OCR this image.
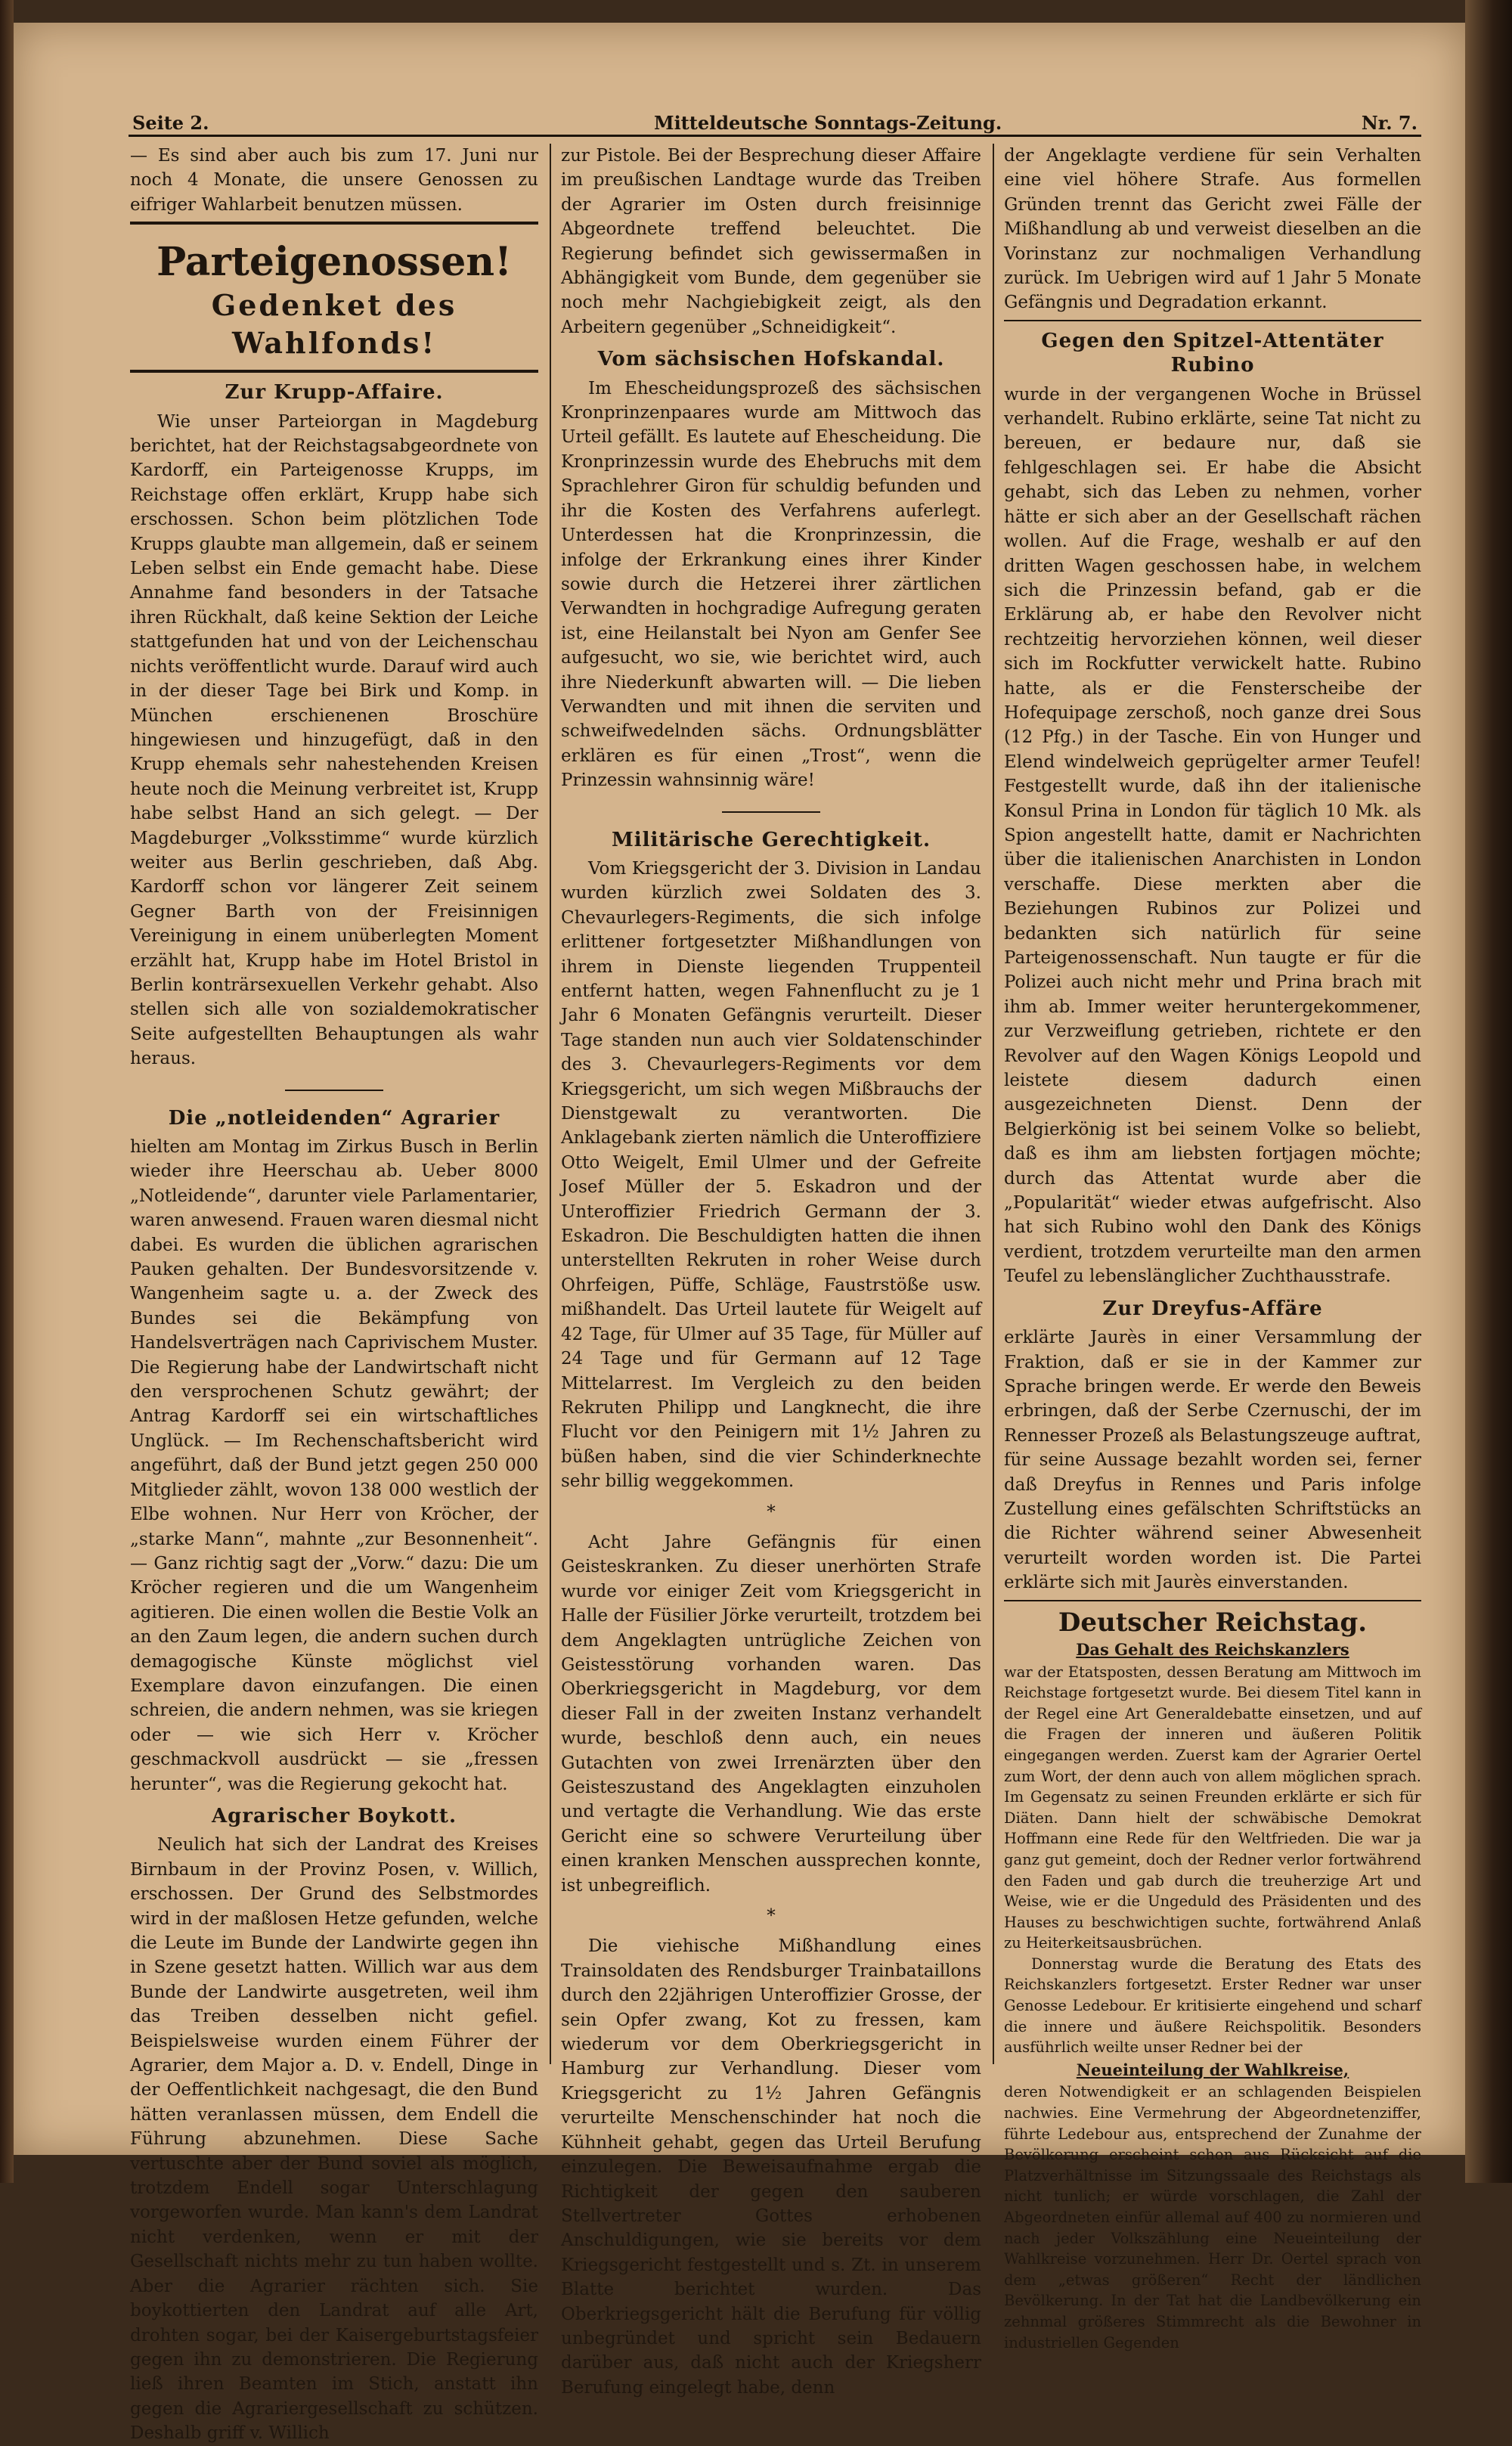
Seite 2.	Mitteldeutsche Sonntags-Zeitung.	Nr. 7.

— Es sind aber auch bis zum 17. Juni nur noch 4 Monate, die unsere Genossen zu eifriger Wahlarbeit benutzen müssen.

Parteigenossen!
Gedenket des Wahlfonds!
Zur Krupp-Affaire.

Wie unser Parteiorgan in Magdeburg berichtet, hat der Reichstagsabgeordnete von Kardorff, ein Parteigenosse Krupps, im Reichstage offen erklärt, Krupp habe sich erschossen. Schon beim plötzlichen Tode Krupps glaubte man allgemein, daß er seinem Leben selbst ein Ende gemacht habe. Diese Annahme fand besonders in der Tatsache ihren Rückhalt, daß keine Sektion der Leiche stattgefunden hat und von der Leichenschau nichts veröffentlicht wurde. Darauf wird auch in der dieser Tage bei Birk und Komp. in München erschienenen Broschüre hingewiesen und hinzugefügt, daß in den Krupp ehemals sehr nahestehenden Kreisen heute noch die Meinung verbreitet ist, Krupp habe selbst Hand an sich gelegt. — Der Magdeburger „Volksstimme“ wurde kürzlich weiter aus Berlin geschrieben, daß Abg. Kardorff schon vor längerer Zeit seinem Gegner Barth von der Freisinnigen Vereinigung in einem unüberlegten Moment erzählt hat, Krupp habe im Hotel Bristol in Berlin konträrsexuellen Verkehr gehabt. Also stellen sich alle von sozialdemokratischer Seite aufgestellten Behauptungen als wahr heraus.

Die „notleidenden“ Agrarier

hielten am Montag im Zirkus Busch in Berlin wieder ihre Heerschau ab. Ueber 8000 „Notleidende“, darunter viele Parlamentarier, waren anwesend. Frauen waren diesmal nicht dabei. Es wurden die üblichen agrarischen Pauken gehalten. Der Bundesvorsitzende v. Wangenheim sagte u. a. der Zweck des Bundes sei die Bekämpfung von Handelsverträgen nach Caprivischem Muster. Die Regierung habe der Landwirtschaft nicht den versprochenen Schutz gewährt; der Antrag Kardorff sei ein wirtschaftliches Unglück. — Im Rechenschaftsbericht wird angeführt, daß der Bund jetzt gegen 250 000 Mitglieder zählt, wovon 138 000 westlich der Elbe wohnen. Nur Herr von Kröcher, der „starke Mann“, mahnte „zur Besonnenheit“. — Ganz richtig sagt der „Vorw.“ dazu: Die um Kröcher regieren und die um Wangenheim agitieren. Die einen wollen die Bestie Volk an an den Zaum legen, die andern suchen durch demagogische Künste möglichst viel Exemplare davon einzufangen. Die einen schreien, die andern nehmen, was sie kriegen oder — wie sich Herr v. Kröcher geschmackvoll ausdrückt — sie „fressen herunter“, was die Regierung gekocht hat.

Agrarischer Boykott.

Neulich hat sich der Landrat des Kreises Birnbaum in der Provinz Posen, v. Willich, erschossen. Der Grund des Selbstmordes wird in der maßlosen Hetze gefunden, welche die Leute im Bunde der Landwirte gegen ihn in Szene gesetzt hatten. Willich war aus dem Bunde der Landwirte ausgetreten, weil ihm das Treiben desselben nicht gefiel. Beispielsweise wurden einem Führer der Agrarier, dem Major a. D. v. Endell, Dinge in der Oeffentlichkeit nachgesagt, die den Bund hätten veranlassen müssen, dem Endell die Führung abzunehmen. Diese Sache vertuschte aber der Bund soviel als möglich, trotzdem Endell sogar Unterschlagung vorgeworfen wurde. Man kann's dem Landrat nicht verdenken, wenn er mit der Gesellschaft nichts mehr zu tun haben wollte. Aber die Agrarier rächten sich. Sie boykottierten den Landrat auf alle Art, drohten sogar, bei der Kaisergeburtstagsfeier gegen ihn zu demonstrieren. Die Regierung ließ ihren Beamten im Stich, anstatt ihn gegen die Agrariergesellschaft zu schützen. Deshalb griff v. Willich

zur Pistole. Bei der Besprechung dieser Affaire im preußischen Landtage wurde das Treiben der Agrarier im Osten durch freisinnige Abgeordnete treffend beleuchtet. Die Regierung befindet sich gewissermaßen in Abhängigkeit vom Bunde, dem gegenüber sie noch mehr Nachgiebigkeit zeigt, als den Arbeitern gegenüber „Schneidigkeit“.

Vom sächsischen Hofskandal.

Im Ehescheidungsprozeß des sächsischen Kronprinzenpaares wurde am Mittwoch das Urteil gefällt. Es lautete auf Ehescheidung. Die Kronprinzessin wurde des Ehebruchs mit dem Sprachlehrer Giron für schuldig befunden und ihr die Kosten des Verfahrens auferlegt. Unterdessen hat die Kronprinzessin, die infolge der Erkrankung eines ihrer Kinder sowie durch die Hetzerei ihrer zärtlichen Verwandten in hochgradige Aufregung geraten ist, eine Heilanstalt bei Nyon am Genfer See aufgesucht, wo sie, wie berichtet wird, auch ihre Niederkunft abwarten will. — Die lieben Verwandten und mit ihnen die serviten und schweifwedelnden sächs. Ordnungsblätter erklären es für einen „Trost“, wenn die Prinzessin wahnsinnig wäre!

Militärische Gerechtigkeit.

Vom Kriegsgericht der 3. Division in Landau wurden kürzlich zwei Soldaten des 3. Chevaurlegers-Regiments, die sich infolge erlittener fortgesetzter Mißhandlungen von ihrem in Dienste liegenden Truppenteil entfernt hatten, wegen Fahnenflucht zu je 1 Jahr 6 Monaten Gefängnis verurteilt. Dieser Tage standen nun auch vier Soldatenschinder des 3. Chevaurlegers-Regiments vor dem Kriegsgericht, um sich wegen Mißbrauchs der Dienstgewalt zu verantworten. Die Anklagebank zierten nämlich die Unteroffiziere Otto Weigelt, Emil Ulmer und der Gefreite Josef Müller der 5. Eskadron und der Unteroffizier Friedrich Germann der 3. Eskadron. Die Beschuldigten hatten die ihnen unterstellten Rekruten in roher Weise durch Ohrfeigen, Püffe, Schläge, Faustrstöße usw. mißhandelt. Das Urteil lautete für Weigelt auf 42 Tage, für Ulmer auf 35 Tage, für Müller auf 24 Tage und für Germann auf 12 Tage Mittelarrest. Im Vergleich zu den beiden Rekruten Philipp und Langknecht, die ihre Flucht vor den Peinigern mit 1½ Jahren zu büßen haben, sind die vier Schinderknechte sehr billig weggekommen.

*

Acht Jahre Gefängnis für einen Geisteskranken. Zu dieser unerhörten Strafe wurde vor einiger Zeit vom Kriegsgericht in Halle der Füsilier Jörke verurteilt, trotzdem bei dem Angeklagten untrügliche Zeichen von Geistesstörung vorhanden waren. Das Oberkriegsgericht in Magdeburg, vor dem dieser Fall in der zweiten Instanz verhandelt wurde, beschloß denn auch, ein neues Gutachten von zwei Irrenärzten über den Geisteszustand des Angeklagten einzuholen und vertagte die Verhandlung. Wie das erste Gericht eine so schwere Verurteilung über einen kranken Menschen aussprechen konnte, ist unbegreiflich.

*

Die viehische Mißhandlung eines Trainsoldaten des Rendsburger Trainbataillons durch den 22jährigen Unteroffizier Grosse, der sein Opfer zwang, Kot zu fressen, kam wiederum vor dem Oberkriegsgericht in Hamburg zur Verhandlung. Dieser vom Kriegsgericht zu 1½ Jahren Gefängnis verurteilte Menschenschinder hat noch die Kühnheit gehabt, gegen das Urteil Berufung einzulegen. Die Beweisaufnahme ergab die Richtigkeit der gegen den sauberen Stellvertreter Gottes erhobenen Anschuldigungen, wie sie bereits vor dem Kriegsgericht festgestellt und s. Zt. in unserem Blatte berichtet wurden. Das Oberkriegsgericht hält die Berufung für völlig unbegründet und spricht sein Bedauern darüber aus, daß nicht auch der Kriegsherr Berufung eingelegt habe, denn

der Angeklagte verdiene für sein Verhalten eine viel höhere Strafe. Aus formellen Gründen trennt das Gericht zwei Fälle der Mißhandlung ab und verweist dieselben an die Vorinstanz zur nochmaligen Verhandlung zurück. Im Uebrigen wird auf 1 Jahr 5 Monate Gefängnis und Degradation erkannt.

Gegen den Spitzel-Attentäter Rubino

wurde in der vergangenen Woche in Brüssel verhandelt. Rubino erklärte, seine Tat nicht zu bereuen, er bedaure nur, daß sie fehlgeschlagen sei. Er habe die Absicht gehabt, sich das Leben zu nehmen, vorher hätte er sich aber an der Gesellschaft rächen wollen. Auf die Frage, weshalb er auf den dritten Wagen geschossen habe, in welchem sich die Prinzessin befand, gab er die Erklärung ab, er habe den Revolver nicht rechtzeitig hervorziehen können, weil dieser sich im Rockfutter verwickelt hatte. Rubino hatte, als er die Fensterscheibe der Hofequipage zerschoß, noch ganze drei Sous (12 Pfg.) in der Tasche. Ein von Hunger und Elend windelweich geprügelter armer Teufel! Festgestellt wurde, daß ihn der italienische Konsul Prina in London für täglich 10 Mk. als Spion angestellt hatte, damit er Nachrichten über die italienischen Anarchisten in London verschaffe. Diese merkten aber die Beziehungen Rubinos zur Polizei und bedankten sich natürlich für seine Parteigenossenschaft. Nun taugte er für die Polizei auch nicht mehr und Prina brach mit ihm ab. Immer weiter heruntergekommener, zur Verzweiflung getrieben, richtete er den Revolver auf den Wagen Königs Leopold und leistete diesem dadurch einen ausgezeichneten Dienst. Denn der Belgierkönig ist bei seinem Volke so beliebt, daß es ihm am liebsten fortjagen möchte; durch das Attentat wurde aber die „Popularität“ wieder etwas aufgefrischt. Also hat sich Rubino wohl den Dank des Königs verdient, trotzdem verurteilte man den armen Teufel zu lebenslänglicher Zuchthausstrafe.

Zur Dreyfus-Affäre

erklärte Jaurès in einer Versammlung der Fraktion, daß er sie in der Kammer zur Sprache bringen werde. Er werde den Beweis erbringen, daß der Serbe Czernuschi, der im Rennesser Prozeß als Belastungszeuge auftrat, für seine Aussage bezahlt worden sei, ferner daß Dreyfus in Rennes und Paris infolge Zustellung eines gefälschten Schriftstücks an die Richter während seiner Abwesenheit verurteilt worden worden ist. Die Partei erklärte sich mit Jaurès einverstanden.

Deutscher Reichstag.
Das Gehalt des Reichskanzlers

war der Etatsposten, dessen Beratung am Mittwoch im Reichstage fortgesetzt wurde. Bei diesem Titel kann in der Regel eine Art Generaldebatte einsetzen, und auf die Fragen der inneren und äußeren Politik eingegangen werden. Zuerst kam der Agrarier Oertel zum Wort, der denn auch von allem möglichen sprach. Im Gegensatz zu seinen Freunden erklärte er sich für Diäten. Dann hielt der schwäbische Demokrat Hoffmann eine Rede für den Weltfrieden. Die war ja ganz gut gemeint, doch der Redner verlor fortwährend den Faden und gab durch die treuherzige Art und Weise, wie er die Ungeduld des Präsidenten und des Hauses zu beschwichtigen suchte, fortwährend Anlaß zu Heiterkeitsausbrüchen.

Donnerstag wurde die Beratung des Etats des Reichskanzlers fortgesetzt. Erster Redner war unser Genosse Ledebour. Er kritisierte eingehend und scharf die innere und äußere Reichspolitik. Besonders ausführlich weilte unser Redner bei der

Neueinteilung der Wahlkreise,

deren Notwendigkeit er an schlagenden Beispielen nachwies. Eine Vermehrung der Abgeordnetenziffer, führte Ledebour aus, entsprechend der Zunahme der Bevölkerung erscheint schon aus Rücksicht auf die Platzverhältnisse im Sitzungssaale des Reichstags als nicht tunlich; er würde vorschlagen, die Zahl der Abgeordneten einfür allemal auf 400 zu normieren und nach jeder Volkszählung eine Neueinteilung der Wahlkreise vorzunehmen. Herr Dr. Oertel sprach von dem „etwas größeren“ Recht der ländlichen Bevölkerung. In der Tat hat die Landbevölkerung ein zehnmal größeres Stimmrecht als die Bewohner in industriellen Gegenden
